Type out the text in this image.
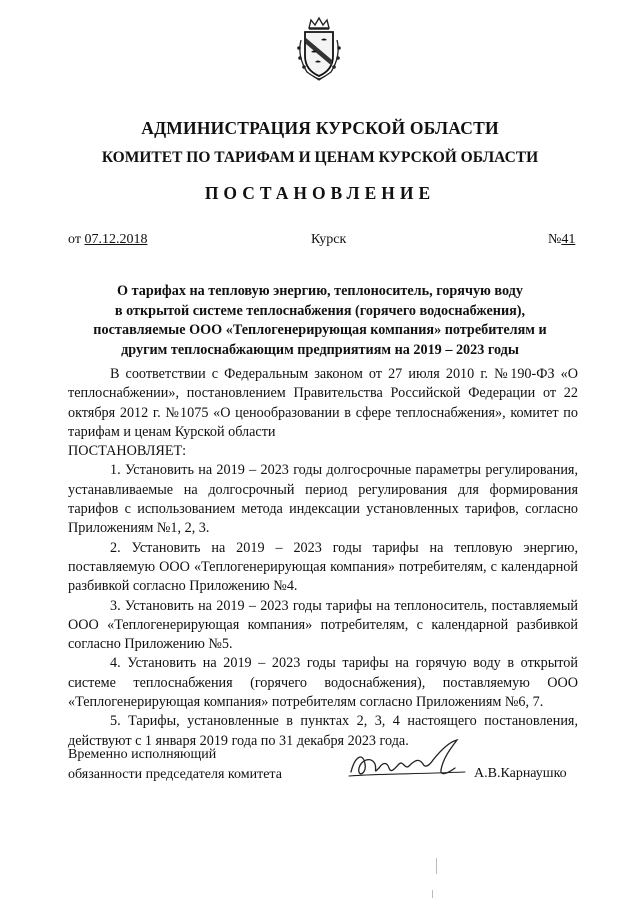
АДМИНИСТРАЦИЯ КУРСКОЙ ОБЛАСТИ
КОМИТЕТ ПО ТАРИФАМ И ЦЕНАМ КУРСКОЙ ОБЛАСТИ
ПОСТАНОВЛЕНИЕ
от 07.12.2018	Курск	№41
О тарифах на тепловую энергию, теплоноситель, горячую воду
в открытой системе теплоснабжения (горячего водоснабжения),
поставляемые ООО «Теплогенерирующая компания» потребителям и
другим теплоснабжающим предприятиям на 2019 – 2023 годы

В соответствии с Федеральным законом от 27 июля 2010 г. №190-ФЗ «О теплоснабжении», постановлением Правительства Российской Федерации от 22 октября 2012 г. №1075 «О ценообразовании в сфере теплоснабжения», комитет по тарифам и ценам Курской области

ПОСТАНОВЛЯЕТ:

1. Установить на 2019 – 2023 годы долгосрочные параметры регулирования, устанавливаемые на долгосрочный период регулирования для формирования тарифов с использованием метода индексации установленных тарифов, согласно Приложениям №1, 2, 3.

2. Установить на 2019 – 2023 годы тарифы на тепловую энергию, поставляемую ООО «Теплогенерирующая компания» потребителям, с календарной разбивкой согласно Приложению №4.

3. Установить на 2019 – 2023 годы тарифы на теплоноситель, поставляемый ООО «Теплогенерирующая компания» потребителям, с календарной разбивкой согласно Приложению №5.

4. Установить на 2019 – 2023 годы тарифы на горячую воду в открытой системе теплоснабжения (горячего водоснабжения), поставляемую ООО «Теплогенерирующая компания» потребителям согласно Приложениям №6, 7.

5. Тарифы, установленные в пунктах 2, 3, 4 настоящего постановления, действуют с 1 января 2019 года по 31 декабря 2023 года.

Временно исполняющий
обязанности председателя комитета	А.В.Карнаушко
